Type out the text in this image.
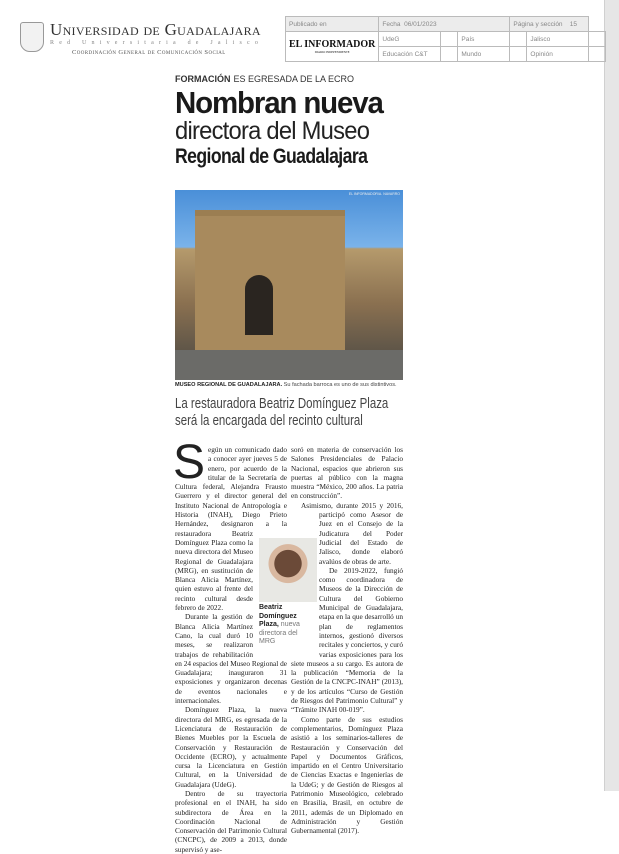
Universidad de Guadalajara
Red Universitaria de Jalisco
Coordinación General de Comunicación Social
Publicado en	Fecha 06/01/2023			Página y sección 15		
EL INFORMADOR
DIARIO INDEPENDIENTE	UdeG		País		Jalisco	
	Educación C&T		Mundo		Opinión	
FORMACIÓN ES EGRESADA DE LA ECRO
Nombran nueva
directora del Museo
Regional de Guadalajara
EL INFORMADOR/A. NAVARRO
MUSEO REGIONAL DE GUADALAJARA. Su fachada barroca es uno de sus distintivos.
La restauradora Beatriz Domínguez Plaza será la encargada del recinto cultural
S egún un comunicado dado a conocer ayer jueves 5 de enero, por acuerdo de la titular de la Secretaría de Cultura federal, Alejandra Frausto Guerrero y el director general del Instituto Nacional de Antropología e Historia (INAH), Diego Prieto Hernández, designaron a la restauradora Beatriz Domínguez Plaza como la nueva directora del Museo Regional de Guadalajara (MRG), en sustitución de Blanca Alicia Martínez, quien estuvo al frente del recinto cultural desde febrero de 2022.

Durante la gestión de Blanca Alicia Martínez Cano, la cual duró 10 meses, se realizaron trabajos de rehabilitación en 24 espacios del Museo Regional de Guadalajara; inauguraron 31 exposiciones y organizaron decenas de eventos nacionales e internacionales.

Domínguez Plaza, la nueva directora del MRG, es egresada de la Licenciatura de Restauración de Bienes Muebles por la Escuela de Conservación y Restauración de Occidente (ECRO), y actualmente cursa la Licenciatura en Gestión Cultural, en la Universidad de Guadalajara (UdeG).

Dentro de su trayectoria profesional en el INAH, ha sido subdirectora de Área en la Coordinación Nacional de Conservación del Patrimonio Cultural (CNCPC), de 2009 a 2013, donde supervisó y ase-

soró en materia de conservación los Salones Presidenciales de Palacio Nacional, espacios que abrieron sus puertas al público con la magna muestra “México, 200 años. La patria en construcción”.

Asimismo, durante 2015 y 2016, participó como Asesor de Juez en el Consejo de la Judicatura del Poder Judicial del Estado de Jalisco, donde elaboró avalúos de obras de arte.

De 2019-2022, fungió como coordinadora de Museos de la Dirección de Cultura del Gobierno Municipal de Guadalajara, etapa en la que desarrolló un plan de reglamentos internos, gestionó diversos recitales y conciertos, y curó varias exposiciones para los siete museos a su cargo. Es autora de la publicación “Memoria de la Gestión de la CNCPC-INAH” (2013), y de los artículos “Curso de Gestión de Riesgos del Patrimonio Cultural” y “Trámite INAH 00-019”.

Como parte de sus estudios complementarios, Domínguez Plaza asistió a los seminarios-talleres de Restauración y Conservación del Papel y Documentos Gráficos, impartido en el Centro Universitario de Ciencias Exactas e Ingenierías de la UdeG; y de Gestión de Riesgos al Patrimonio Museológico, celebrado en Brasilia, Brasil, en octubre de 2011, además de un Diplomado en Administración y Gestión Gubernamental (2017).

Beatriz Domínguez Plaza, nueva directora del MRG
